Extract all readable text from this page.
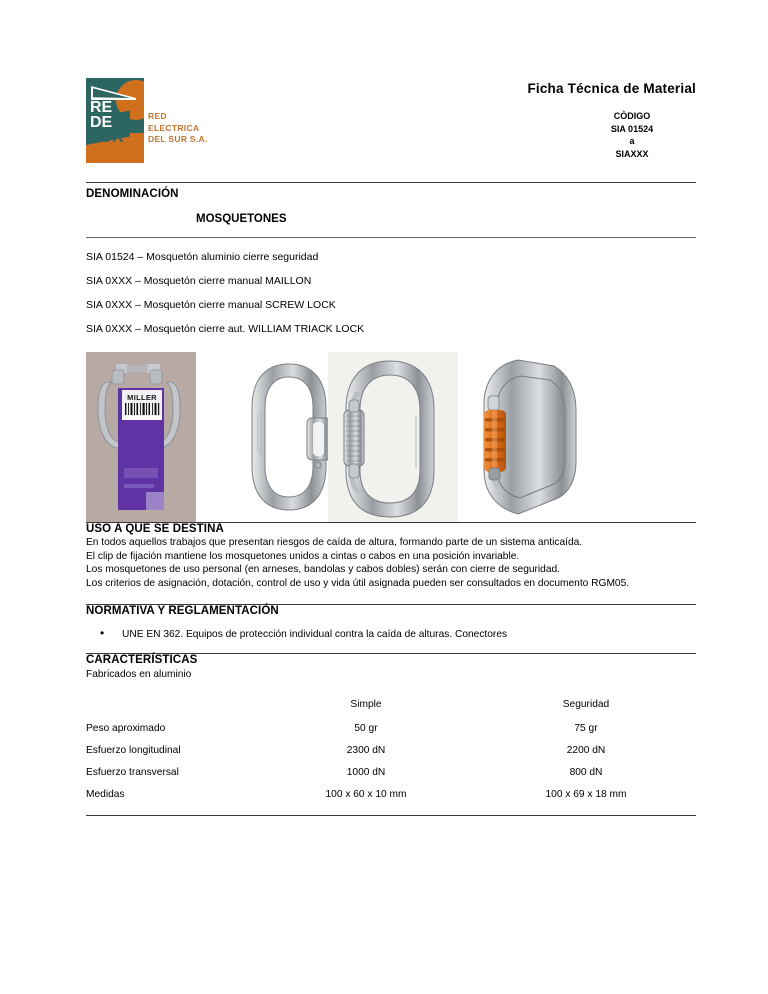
RE
DE
SUR
RED
ELECTRICA
DEL SUR S.A.
Ficha Técnica de Material
CÒDIGO
SIA 01524
a
SIAXXX
DENOMINACIÓN
MOSQUETONES
SIA 01524 – Mosquetón aluminio cierre seguridad
SIA 0XXX – Mosquetón cierre manual MAILLON
SIA 0XXX – Mosquetón cierre manual SCREW LOCK
SIA 0XXX – Mosquetón cierre aut. WILLIAM TRIACK LOCK
MILLER
USO A QUE SE DESTINA

En todos aquellos trabajos que presentan riesgos de caída de altura, formando parte de un sistema anticaída.

El clip de fijación mantiene los mosquetones unidos a cintas o cabos en una posición invariable.

Los mosquetones de uso personal (en arneses, bandolas y cabos dobles) serán con cierre de seguridad.

Los criterios de asignación, dotación, control de uso y vida útil asignada pueden ser consultados en documento RGM05.

NORMATIVA Y REGLAMENTACIÓN
• UNE EN 362. Equipos de protección individual contra la caída de alturas. Conectores
CARACTERÍSTICAS
Fabricados en aluminio
	Simple	Seguridad
Peso aproximado	50 gr	75 gr
Esfuerzo longitudinal	2300 dN	2200 dN
Esfuerzo transversal	1000 dN	800 dN
Medidas	100 x 60 x 10 mm	100 x 69 x 18 mm
